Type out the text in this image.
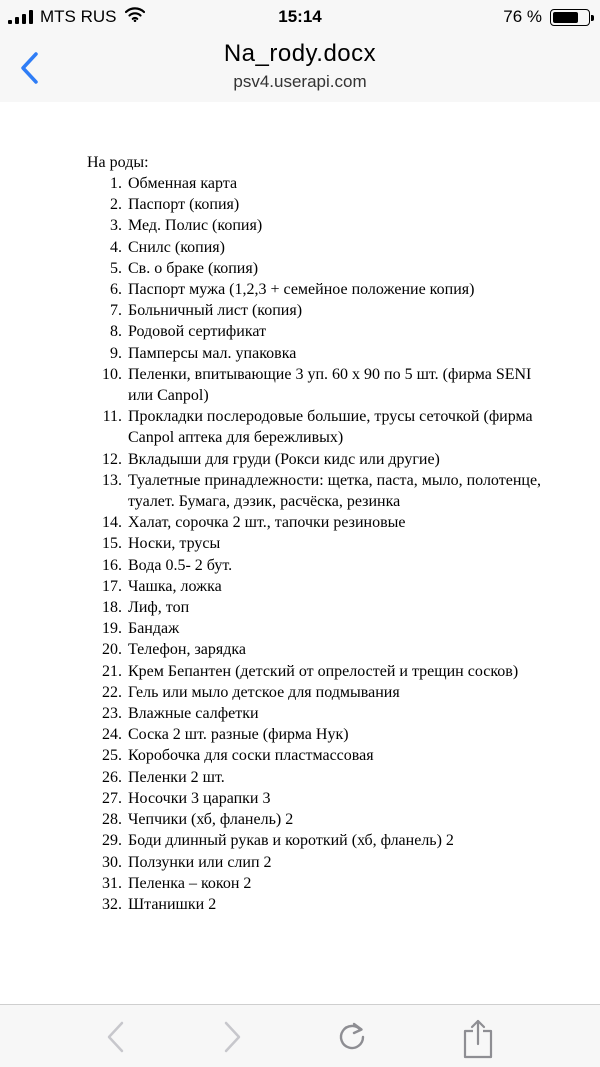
MTS RUS	15:14	76 %
Na_rody.docx
psv4.userapi.com
На роды:
1. Обменная карта
2. Паспорт (копия)
3. Мед. Полис (копия)
4. Снилс (копия)
5. Св. о браке (копия)
6. Паспорт мужа (1,2,3 + семейное положение копия)
7. Больничный лист (копия)
8. Родовой сертификат
9. Памперсы мал. упаковка
10. Пеленки, впитывающие 3 уп. 60 х 90 по 5 шт. (фирма SENI или Canpol)
11. Прокладки послеродовые большие, трусы сеточкой (фирма Canpol аптека для бережливых)
12. Вкладыши для груди (Рокси кидс или другие)
13. Туалетные принадлежности: щетка, паста, мыло, полотенце, туалет. Бумага, дэзик, расчёска, резинка
14. Халат, сорочка 2 шт., тапочки резиновые
15. Носки, трусы
16. Вода 0.5- 2 бут.
17. Чашка, ложка
18. Лиф, топ
19. Бандаж
20. Телефон, зарядка
21. Крем Бепантен (детский от опрелостей и трещин сосков)
22. Гель или мыло детское для подмывания
23. Влажные салфетки
24. Соска 2 шт. разные (фирма Нук)
25. Коробочка для соски пластмассовая
26. Пеленки 2 шт.
27. Носочки 3 царапки 3
28. Чепчики (хб, фланель) 2
29. Боди длинный рукав и короткий (хб, фланель) 2
30. Ползунки или слип 2
31. Пеленка – кокон 2
32. Штанишки 2
